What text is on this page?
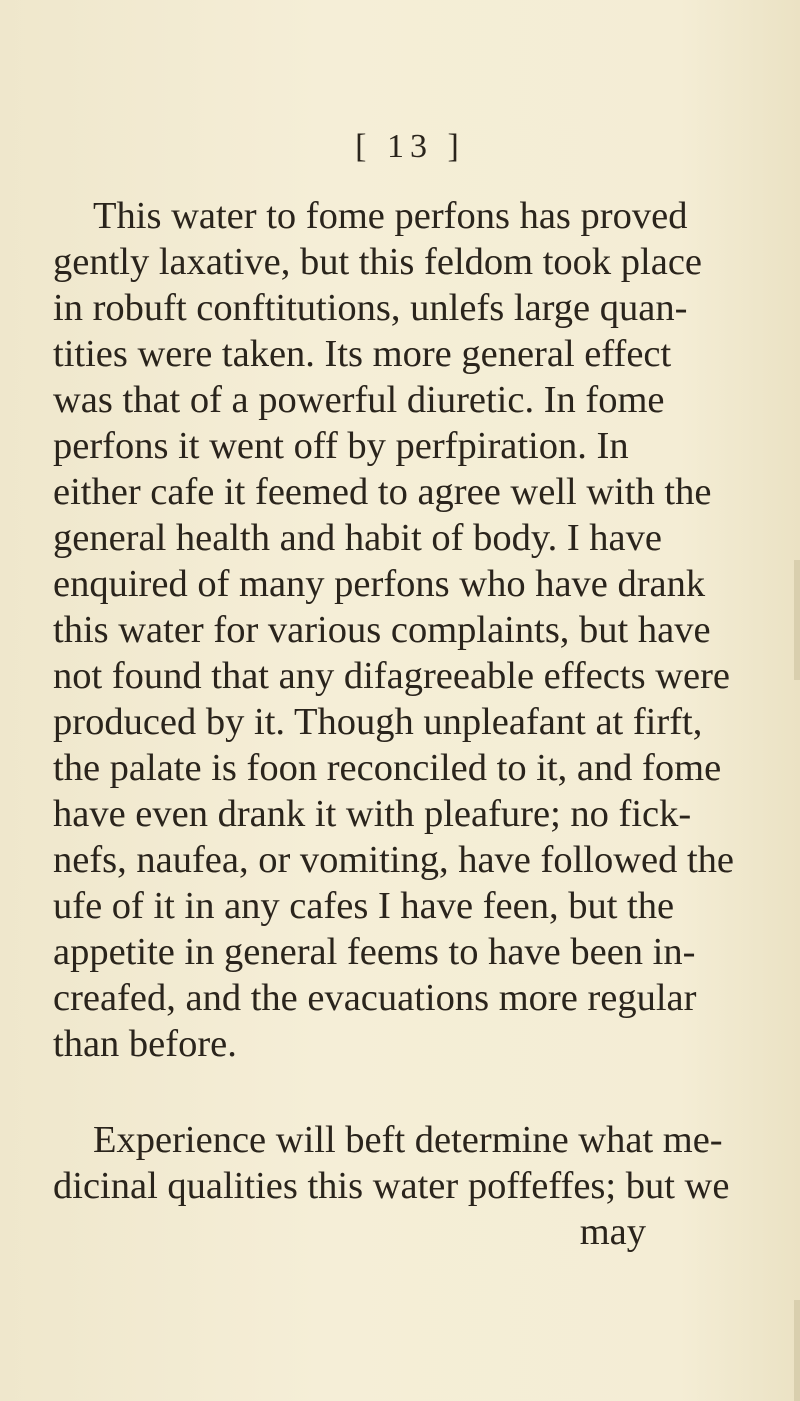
[ 13 ]
This water to fome perfons has proved
gently laxative, but this feldom took place
in robuft conftitutions, unlefs large quan-
tities were taken. Its more general effect
was that of a powerful diuretic. In fome
perfons it went off by perfpiration. In
either cafe it feemed to agree well with the
general health and habit of body. I have
enquired of many perfons who have drank
this water for various complaints, but have
not found that any difagreeable effects were
produced by it. Though unpleafant at firft,
the palate is foon reconciled to it, and fome
have even drank it with pleafure; no fick-
nefs, naufea, or vomiting, have followed the
ufe of it in any cafes I have feen, but the
appetite in general feems to have been in-
creafed, and the evacuations more regular
than before.
Experience will beft determine what me-
dicinal qualities this water poffeffes; but we
may
